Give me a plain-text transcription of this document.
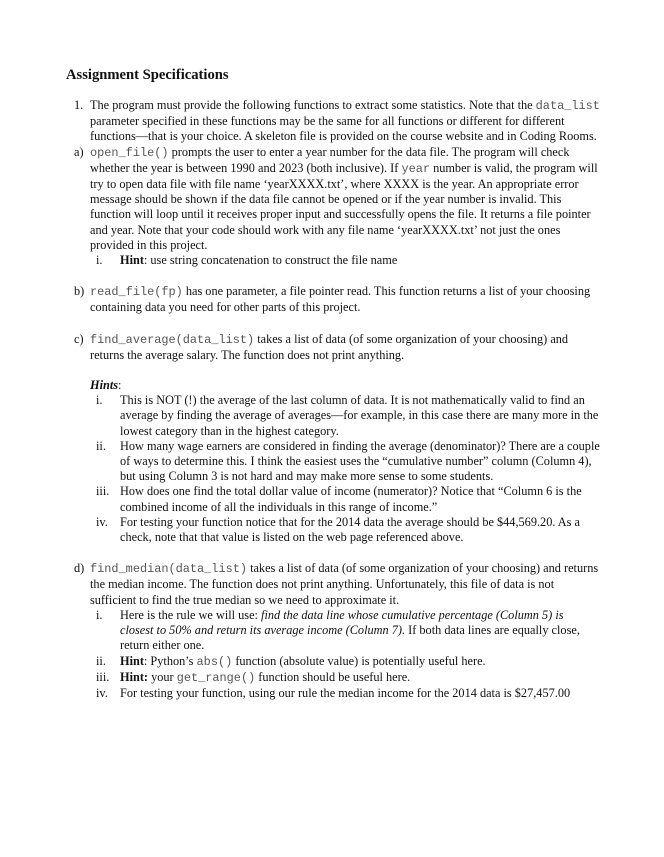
Assignment Specifications
1. The program must provide the following functions to extract some statistics. Note that the data_list parameter specified in these functions may be the same for all functions or different for different functions—that is your choice. A skeleton file is provided on the course website and in Coding Rooms.
a) open_file() prompts the user to enter a year number for the data file. The program will check whether the year is between 1990 and 2023 (both inclusive). If year number is valid, the program will try to open data file with file name ‘yearXXXX.txt’, where XXXX is the year. An appropriate error message should be shown if the data file cannot be opened or if the year number is invalid. This function will loop until it receives proper input and successfully opens the file. It returns a file pointer and year. Note that your code should work with any file name ‘yearXXXX.txt’ not just the ones provided in this project.
i.	Hint: use string concatenation to construct the file name
b) read_file(fp) has one parameter, a file pointer read. This function returns a list of your choosing containing data you need for other parts of this project.
c) find_average(data_list) takes a list of data (of some organization of your choosing) and returns the average salary. The function does not print anything.
Hints:
i.	This is NOT (!) the average of the last column of data. It is not mathematically valid to find an average by finding the average of averages—for example, in this case there are many more in the lowest category than in the highest category.
ii.	How many wage earners are considered in finding the average (denominator)? There are a couple of ways to determine this. I think the easiest uses the “cumulative number” column (Column 4), but using Column 3 is not hard and may make more sense to some students.
iii. How does one find the total dollar value of income (numerator)? Notice that “Column 6 is the combined income of all the individuals in this range of income.”
iv. For testing your function notice that for the 2014 data the average should be $44,569.20. As a check, note that that value is listed on the web page referenced above.
d) find_median(data_list) takes a list of data (of some organization of your choosing) and returns the median income. The function does not print anything. Unfortunately, this file of data is not sufficient to find the true median so we need to approximate it.
i.	Here is the rule we will use: find the data line whose cumulative percentage (Column 5) is closest to 50% and return its average income (Column 7). If both data lines are equally close, return either one.
ii.	Hint: Python’s abs() function (absolute value) is potentially useful here.
iii. Hint: your get_range() function should be useful here.
iv. For testing your function, using our rule the median income for the 2014 data is $27,457.00
